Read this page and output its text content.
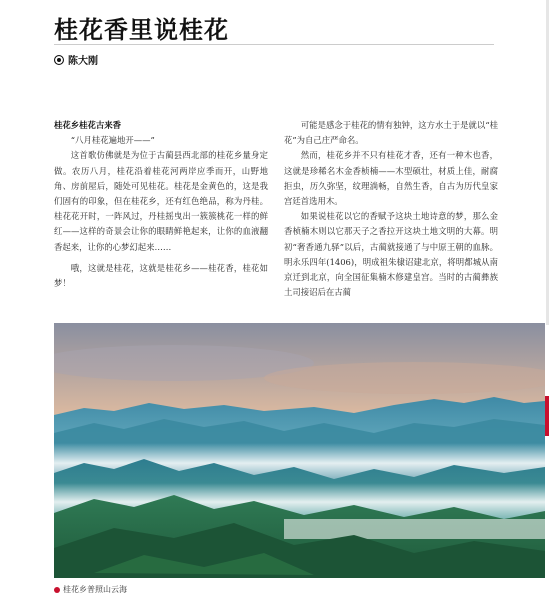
桂花香里说桂花
陈大刚

桂花乡桂花古来香

“八月桂花遍地开——”

这首歌仿佛就是为位于古蔺县西北部的桂花乡量身定做。农历八月，桂花沿着桂花河两岸应季而开，山野地角、房前屋后，随处可见桂花。桂花是金黄色的，这是我们固有的印象，但在桂花乡，还有红色绝品，称为丹桂。桂花花开时，一阵风过，丹桂摇曳出一簇簇桃花一样的鲜红——这样的奇景会让你的眼睛鲜艳起来，让你的血液翻香起来，让你的心梦幻起来……

哦，这就是桂花，这就是桂花乡——桂花香，桂花如梦！

可能是感念于桂花的情有独钟，这方水土于是就以“桂花”为自己庄严命名。

然而，桂花乡并不只有桂花才香，还有一种木也香，这就是珍稀名木金香桢楠——木型硕壮，材质上佳，耐腐拒虫，历久弥坚，纹理淌畅，自然生香，自古为历代皇家宫廷首选用木。

如果说桂花以它的香赋予这块土地诗意的梦，那么金香桢楠木则以它那天子之香拉开这块土地文明的大幕。明初“奢香通九驿”以后，古蔺就接通了与中原王朝的血脉。明永乐四年(1406)，明成祖朱棣诏建北京，将明都城从南京迁到北京，向全国征集楠木修建皇宫。当时的古蔺彝族土司接诏后在古蔺

桂花乡普照山云海
